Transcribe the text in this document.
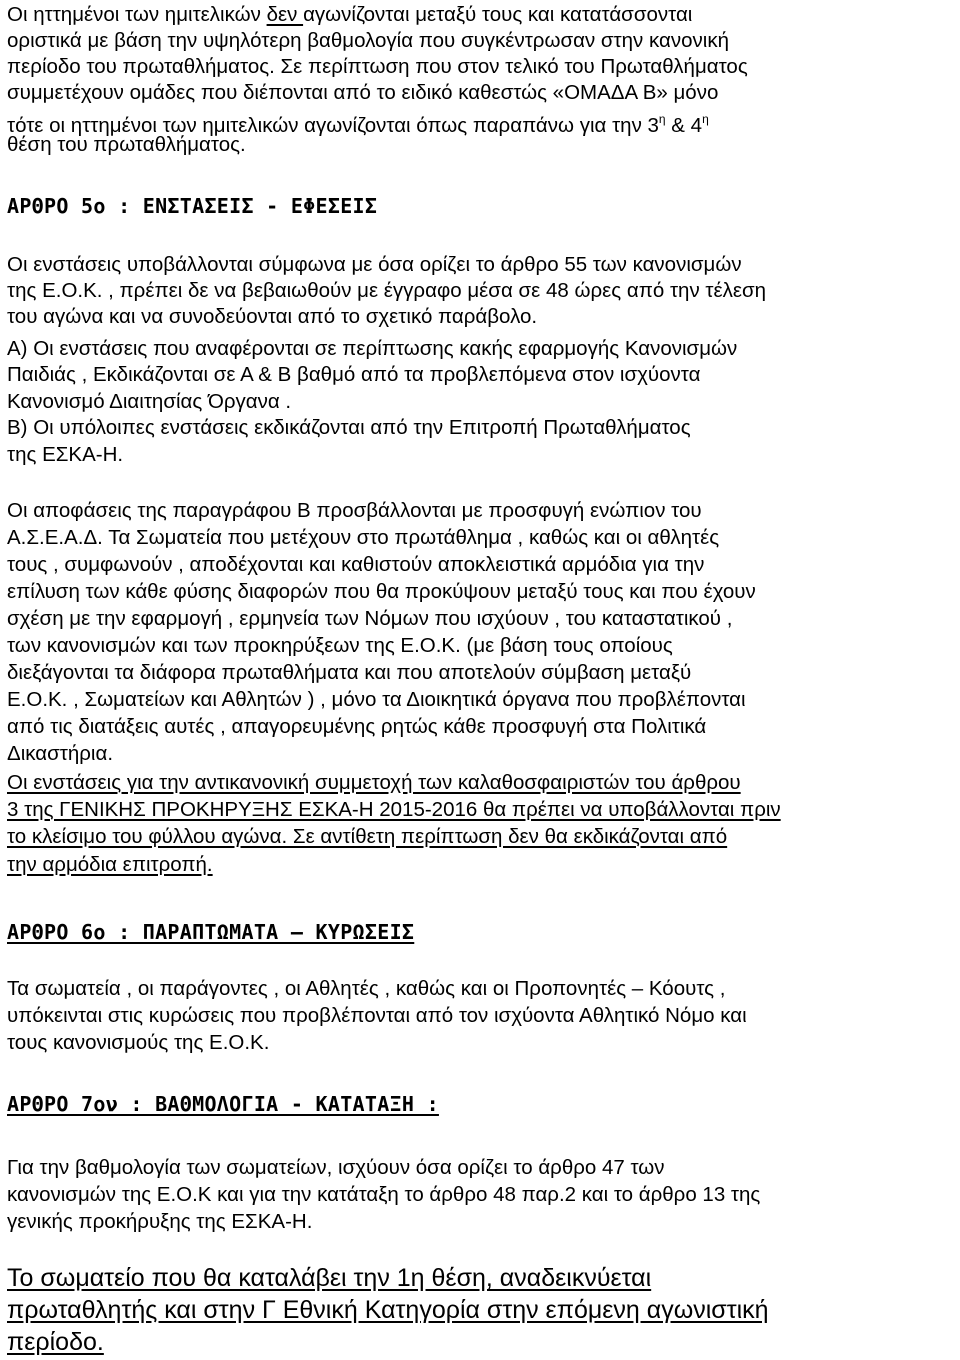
Οι ηττημένοι των ημιτελικών δεν αγωνίζονται μεταξύ τους και κατατάσσονται
οριστικά με βάση την υψηλότερη βαθμολογία που συγκέντρωσαν στην κανονική
περίοδο του πρωταθλήματος. Σε περίπτωση που στον τελικό του Πρωταθλήματος
συμμετέχουν ομάδες που διέπονται από το ειδικό καθεστώς «ΟΜΑΔΑ Β» μόνο
τότε οι ηττημένοι των ημιτελικών αγωνίζονται όπως παραπάνω για την $3^\eta$ & $4^\eta$
θέση του πρωταθλήματος.
ΑΡΘΡΟ 5ο : ΕΝΣΤΑΣΕΙΣ - ΕΦΕΣΕΙΣ
Οι ενστάσεις υποβάλλονται σύμφωνα με όσα ορίζει το άρθρο 55 των κανονισμών
της Ε.Ο.Κ. , πρέπει δε να βεβαιωθούν με έγγραφο μέσα σε 48 ώρες από την τέλεση
του αγώνα και να συνοδεύονται από το σχετικό παράβολο.
Α) Οι ενστάσεις που αναφέρονται σε περίπτωσης κακής εφαρμογής Κανονισμών
Παιδιάς , Εκδικάζονται σε Α & Β βαθμό από τα προβλεπόμενα στον ισχύοντα
Κανονισμό Διαιτησίας Όργανα .
Β) Οι υπόλοιπες ενστάσεις εκδικάζονται από την Επιτροπή Πρωταθλήματος
της ΕΣΚΑ-Η.
Οι αποφάσεις της παραγράφου Β προσβάλλονται με προσφυγή ενώπιον του
Α.Σ.Ε.Α.Δ. Τα Σωματεία που μετέχουν στο πρωτάθλημα , καθώς και οι αθλητές
τους , συμφωνούν , αποδέχονται και καθιστούν αποκλειστικά αρμόδια για την
επίλυση των κάθε φύσης διαφορών που θα προκύψουν μεταξύ τους και που έχουν
σχέση με την εφαρμογή , ερμηνεία των Νόμων που ισχύουν , του καταστατικού ,
των κανονισμών και των προκηρύξεων της Ε.Ο.Κ. (με βάση τους οποίους
διεξάγονται τα διάφορα πρωταθλήματα και που αποτελούν σύμβαση μεταξύ
Ε.Ο.Κ. , Σωματείων και Αθλητών ) , μόνο τα Διοικητικά όργανα που προβλέπονται
από τις διατάξεις αυτές , απαγορευμένης ρητώς κάθε προσφυγή στα Πολιτικά
Δικαστήρια.
Οι ενστάσεις για την αντικανονική συμμετοχή των καλαθοσφαιριστών του άρθρου
3 της ΓΕΝΙΚΗΣ ΠΡΟΚΗΡΥΞΗΣ ΕΣΚΑ-Η 2015-2016 θα πρέπει να υποβάλλονται πριν
το κλείσιμο του φύλλου αγώνα. Σε αντίθετη περίπτωση δεν θα εκδικάζονται από
την αρμόδια επιτροπή.
ΑΡΘΡΟ 6ο : ΠΑΡΑΠΤΩΜΑΤΑ – ΚΥΡΩΣΕΙΣ
Τα σωματεία , οι παράγοντες , οι Αθλητές , καθώς και οι Προπονητές – Κόουτς ,
υπόκεινται στις κυρώσεις που προβλέπονται από τον ισχύοντα Αθλητικό Νόμο και
τους κανονισμούς της Ε.Ο.Κ.
ΑΡΘΡΟ 7ον : ΒΑΘΜΟΛΟΓΙΑ - ΚΑΤΑΤΑΞΗ :
Για την βαθμολογία των σωματείων, ισχύουν όσα ορίζει το άρθρο 47 των
κανονισμών της Ε.Ο.Κ και για την κατάταξη το άρθρο 48 παρ.2 και το άρθρο 13 της
γενικής προκήρυξης της ΕΣΚΑ-Η.
Το σωματείο που θα καταλάβει την 1η θέση, αναδεικνύεται
πρωταθλητής και στην Γ Εθνική Κατηγορία στην επόμενη αγωνιστική
περίοδο.
